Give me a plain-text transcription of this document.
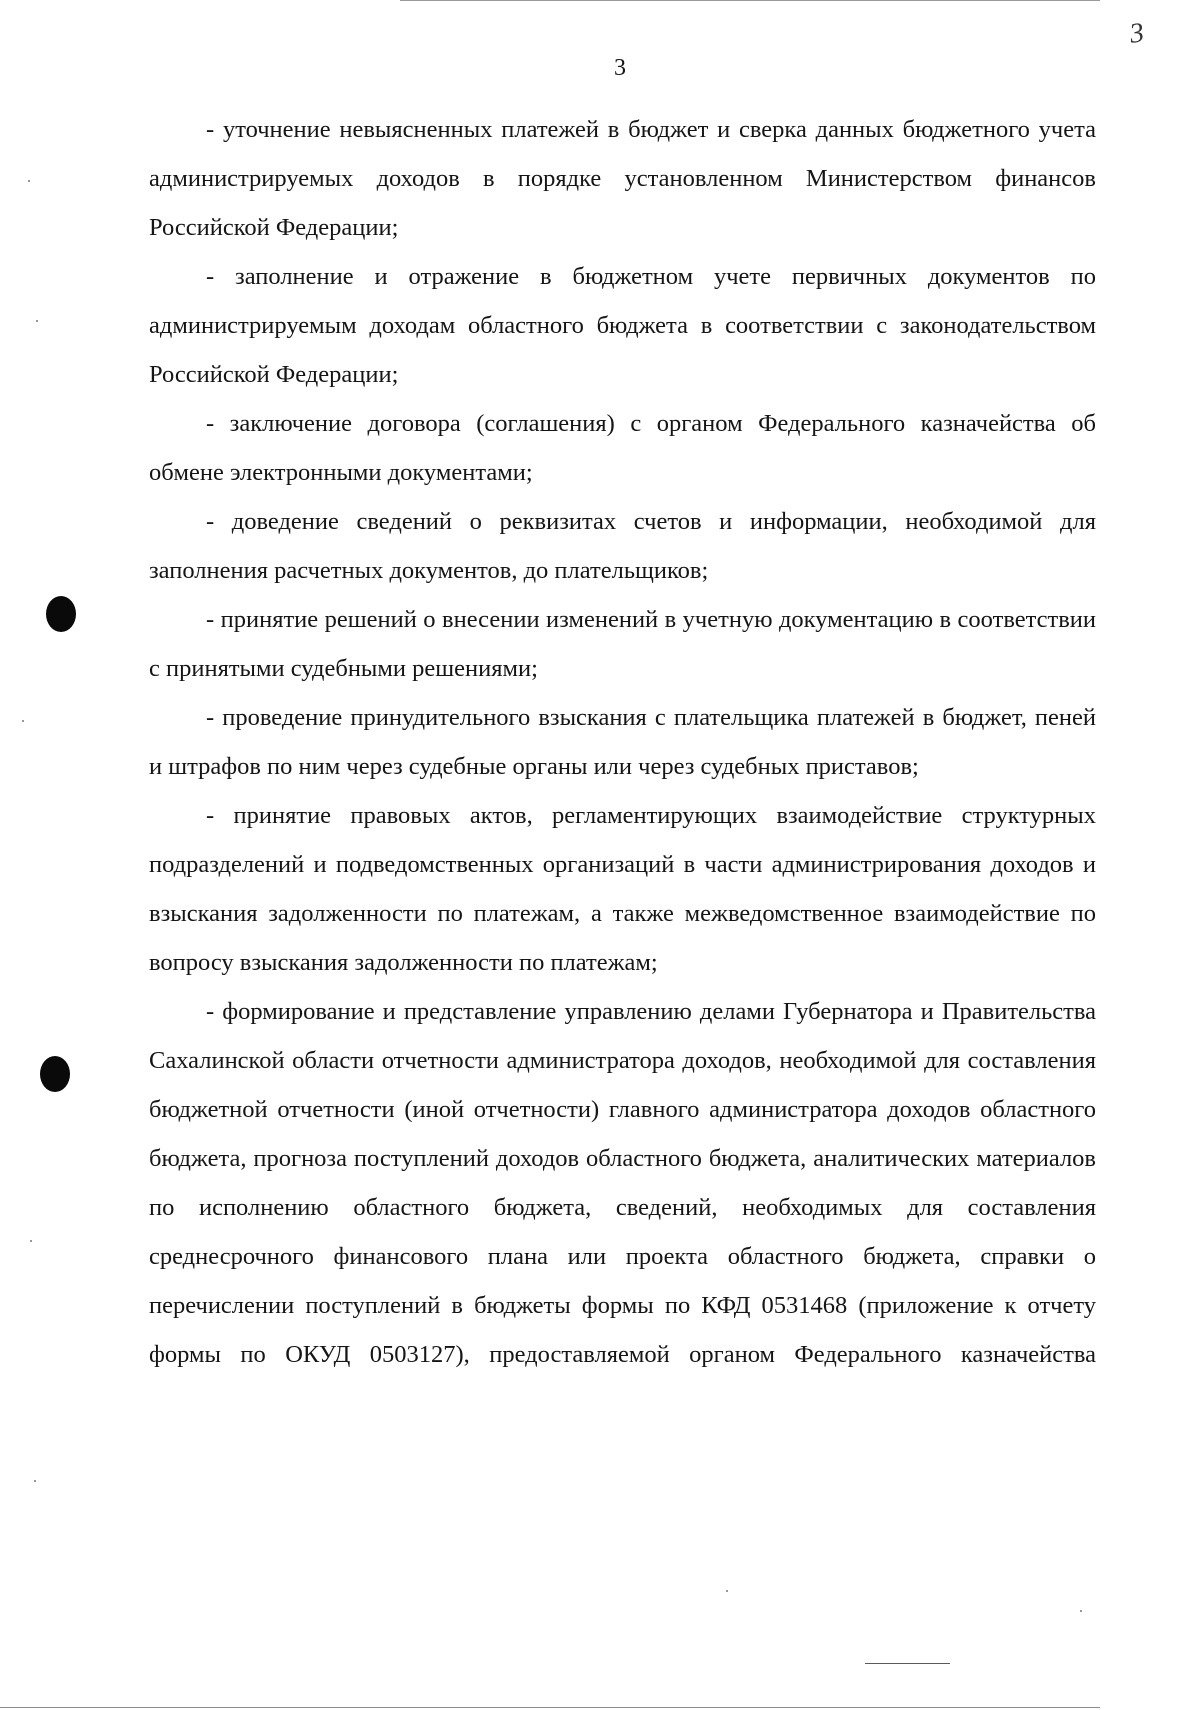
3
3

- уточнение невыясненных платежей в бюджет и сверка данных бюджетного учета администрируемых доходов в порядке установленном Министерством финансов Российской Федерации;

- заполнение и отражение в бюджетном учете первичных документов по администрируемым доходам областного бюджета в соответствии с законодательством Российской Федерации;

- заключение договора (соглашения) с органом Федерального казначейства об обмене электронными документами;

- доведение сведений о реквизитах счетов и информации, необходимой для заполнения расчетных документов, до плательщиков;

- принятие решений о внесении изменений в учетную документацию в соответствии с принятыми судебными решениями;

- проведение принудительного взыскания с плательщика платежей в бюджет, пеней и штрафов по ним через судебные органы или через судебных приставов;

- принятие правовых актов, регламентирующих взаимодействие структурных подразделений и подведомственных организаций в части администрирования доходов и взыскания задолженности по платежам, а также межведомственное взаимодействие по вопросу взыскания задолженности по платежам;

- формирование и представление управлению делами Губернатора и Правительства Сахалинской области отчетности администратора доходов, необходимой для составления бюджетной отчетности (иной отчетности) главного администратора доходов областного бюджета, прогноза поступлений доходов областного бюджета, аналитических материалов по исполнению областного бюджета, сведений, необходимых для составления среднесрочного финансового плана или проекта областного бюджета, справки о перечислении поступлений в бюджеты формы по КФД 0531468 (приложение к отчету формы по ОКУД 0503127), предоставляемой органом Федерального казначейства
